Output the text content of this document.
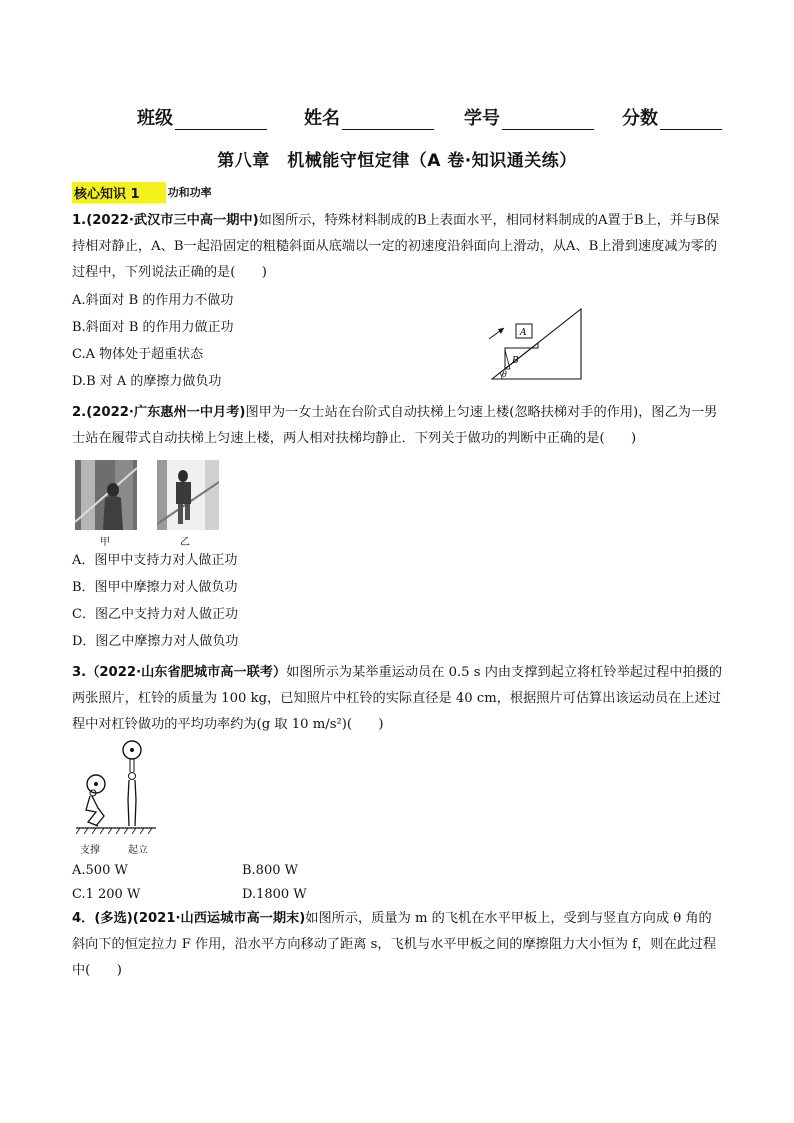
班级	姓名	学号	分数
第八章　机械能守恒定律（A 卷·知识通关练）
核心知识 1	功和功率
1.(2022·武汉市三中高一期中)如图所示，特殊材料制成的B上表面水平，相同材料制成的A置于B上，并与B保持相对静止，A、B一起沿固定的粗糙斜面从底端以一定的初速度沿斜面向上滑动，从A、B上滑到速度减为零的过程中，下列说法正确的是(　　)
A.斜面对 B 的作用力不做功
B.斜面对 B 的作用力做正功
C.A 物体处于超重状态
D.B 对 A 的摩擦力做负功
A
B
θ
2.(2022·广东惠州一中月考)图甲为一女士站在台阶式自动扶梯上匀速上楼(忽略扶梯对手的作用)，图乙为一男士站在履带式自动扶梯上匀速上楼，两人相对扶梯均静止．下列关于做功的判断中正确的是(　　)
甲	乙
A．图甲中支持力对人做正功
B．图甲中摩擦力对人做负功
C．图乙中支持力对人做正功
D．图乙中摩擦力对人做负功
3.（2022·山东省肥城市高一联考）如图所示为某举重运动员在 0.5 s 内由支撑到起立将杠铃举起过程中拍摄的两张照片，杠铃的质量为 100 kg，已知照片中杠铃的实际直径是 40 cm，根据照片可估算出该运动员在上述过程中对杠铃做功的平均功率约为(g 取 10 m/s²)(　　)
支撑	起立
A.500 W	B.800 W
C.1 200 W	D.1800 W
4．(多选)(2021·山西运城市高一期末)如图所示，质量为 m 的飞机在水平甲板上，受到与竖直方向成 θ 角的斜向下的恒定拉力 F 作用，沿水平方向移动了距离 s，飞机与水平甲板之间的摩擦阻力大小恒为 f，则在此过程中(　　)
